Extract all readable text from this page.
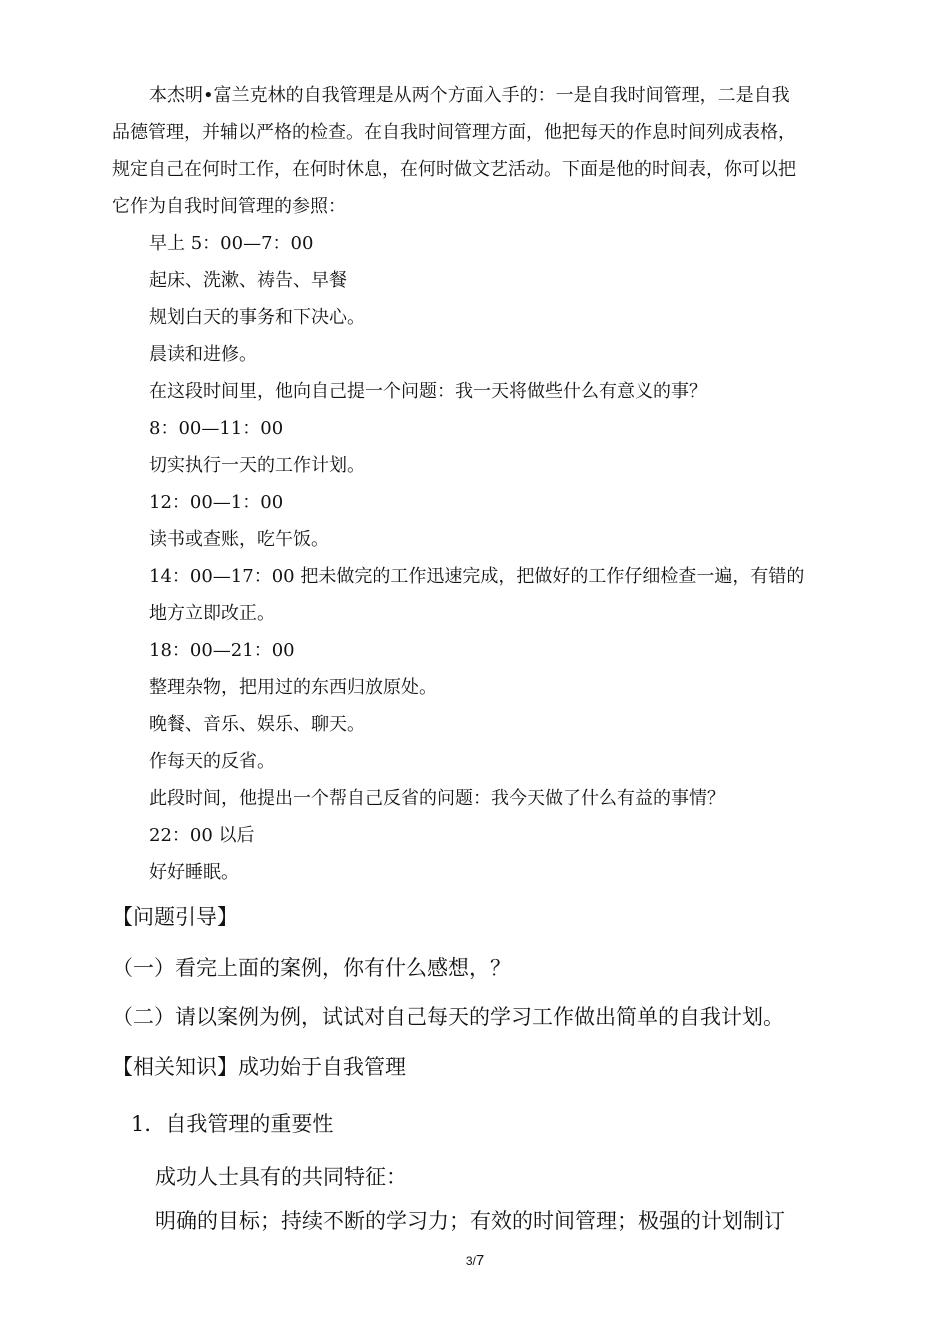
本杰明•富兰克林的自我管理是从两个方面入手的：一是自我时间管理，二是自我
品德管理，并辅以严格的检查。在自我时间管理方面，他把每天的作息时间列成表格，
规定自己在何时工作，在何时休息，在何时做文艺活动。下面是他的时间表，你可以把
它作为自我时间管理的参照：
早上 5：00—7：00
起床、洗漱、祷告、早餐
规划白天的事务和下决心。
晨读和进修。
在这段时间里，他向自己提一个问题：我一天将做些什么有意义的事？
8：00—11：00
切实执行一天的工作计划。
12：00—1：00
读书或查账，吃午饭。
14：00—17：00 把未做完的工作迅速完成，把做好的工作仔细检查一遍，有错的
地方立即改正。
18：00—21：00
整理杂物，把用过的东西归放原处。
晚餐、音乐、娱乐、聊天。
作每天的反省。
此段时间，他提出一个帮自己反省的问题：我今天做了什么有益的事情？
22：00 以后
好好睡眠。
【问题引导】
（一）看完上面的案例，你有什么感想，？
（二）请以案例为例，试试对自己每天的学习工作做出简单的自我计划。
【相关知识】成功始于自我管理
1．自我管理的重要性
成功人士具有的共同特征：
明确的目标；持续不断的学习力；有效的时间管理；极强的计划制订
3/7
